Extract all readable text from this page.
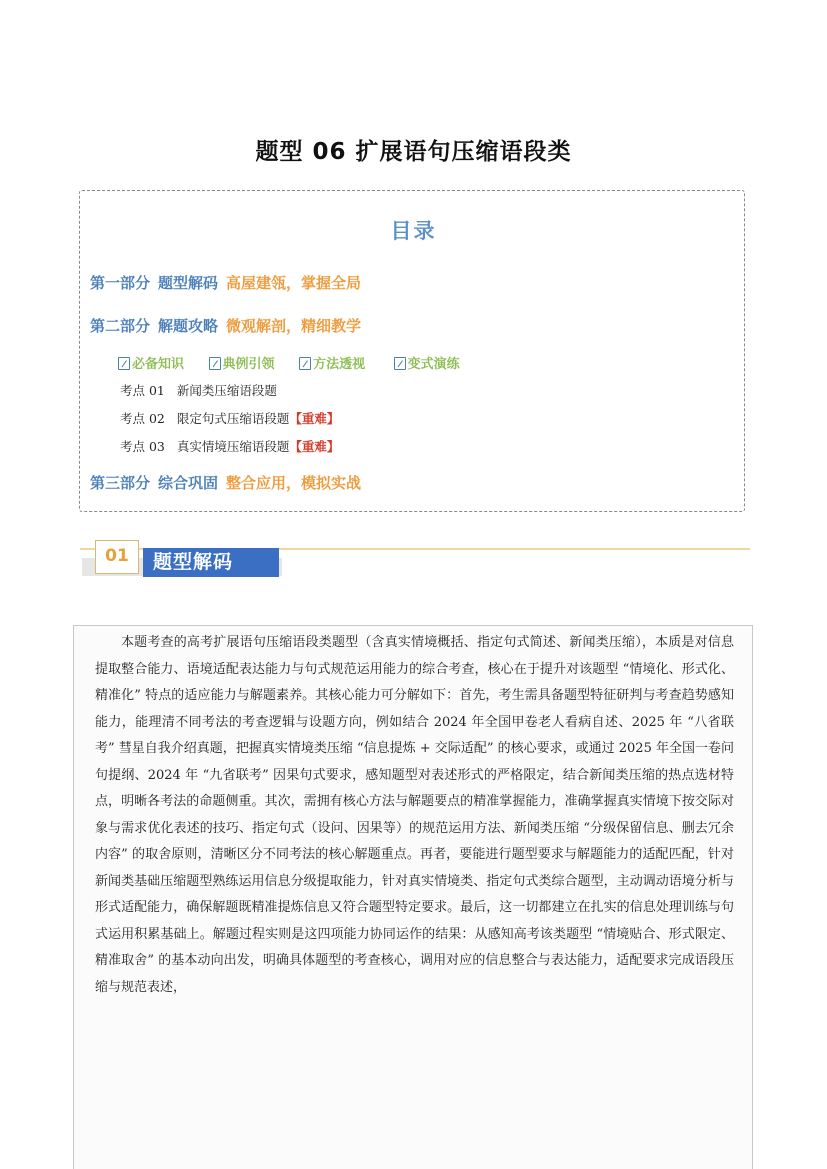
题型 06 扩展语句压缩语段类
目录
第一部分 题型解码 高屋建瓴，掌握全局
第二部分 解题攻略 微观解剖，精细教学
必备知识	典例引领	方法透视	变式演练
考点 01 新闻类压缩语段题
考点 02 限定句式压缩语段题【重难】
考点 03 真实情境压缩语段题【重难】
第三部分 综合巩固 整合应用，模拟实战
01	题型解码

本题考查的高考扩展语句压缩语段类题型（含真实情境概括、指定句式简述、新闻类压缩），本质是对信息提取整合能力、语境适配表达能力与句式规范运用能力的综合考查，核心在于提升对该题型 “情境化、形式化、精准化” 特点的适应能力与解题素养。其核心能力可分解如下：首先，考生需具备题型特征研判与考查趋势感知能力，能理清不同考法的考查逻辑与设题方向，例如结合 2024 年全国甲卷老人看病自述、2025 年 “八省联考” 彗星自我介绍真题，把握真实情境类压缩 “信息提炼 + 交际适配” 的核心要求，或通过 2025 年全国一卷问句提纲、2024 年 “九省联考” 因果句式要求，感知题型对表述形式的严格限定，结合新闻类压缩的热点选材特点，明晰各考法的命题侧重。其次，需拥有核心方法与解题要点的精准掌握能力，准确掌握真实情境下按交际对象与需求优化表述的技巧、指定句式（设问、因果等）的规范运用方法、新闻类压缩 “分级保留信息、删去冗余内容” 的取舍原则，清晰区分不同考法的核心解题重点。再者，要能进行题型要求与解题能力的适配匹配，针对新闻类基础压缩题型熟练运用信息分级提取能力，针对真实情境类、指定句式类综合题型，主动调动语境分析与形式适配能力，确保解题既精准提炼信息又符合题型特定要求。最后，这一切都建立在扎实的信息处理训练与句式运用积累基础上。解题过程实则是这四项能力协同运作的结果：从感知高考该类题型 “情境贴合、形式限定、精准取舍” 的基本动向出发，明确具体题型的考查核心，调用对应的信息整合与表达能力，适配要求完成语段压缩与规范表述，
